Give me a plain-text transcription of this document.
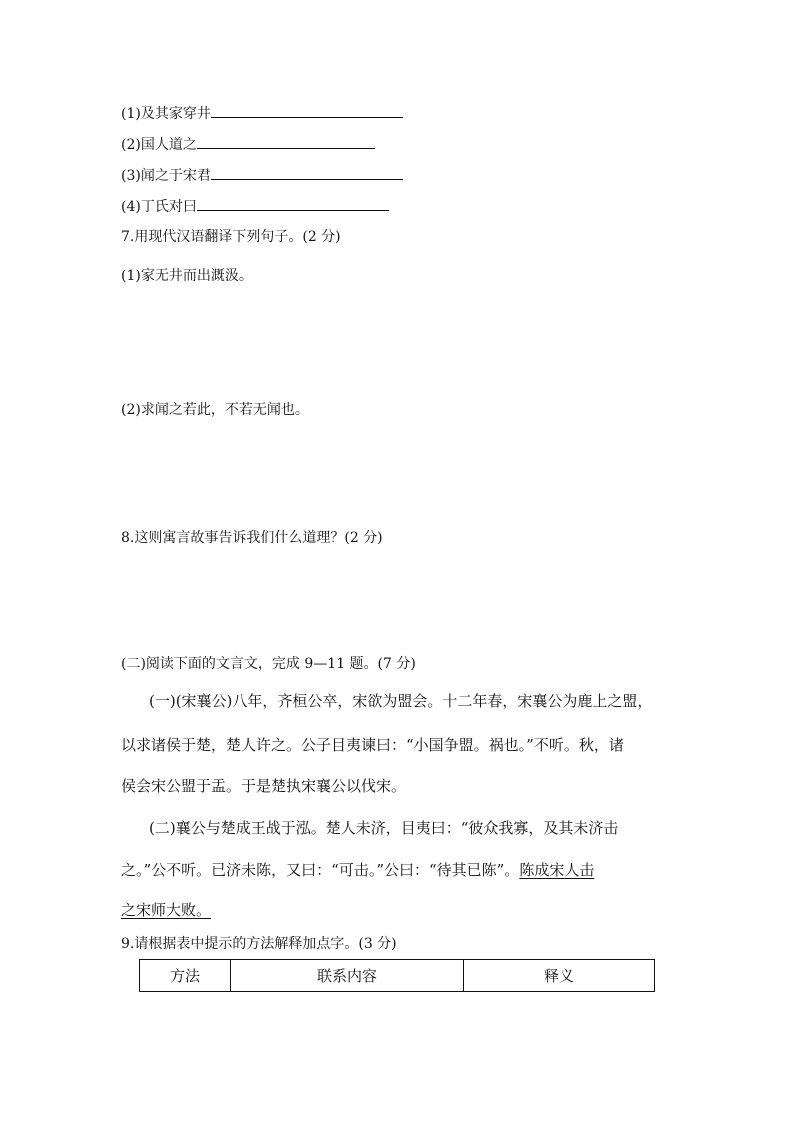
(1)及其家穿井
(2)国人道之
(3)闻之于宋君
(4)丁氏对曰
7.用现代汉语翻译下列句子。(2 分)
(1)家无井而出溉汲。
(2)求闻之若此，不若无闻也。
8.这则寓言故事告诉我们什么道理？(2 分)
(二)阅读下面的文言文，完成 9—11 题。(7 分)
(一)(宋襄公)八年，齐桓公卒，宋欲为盟会。十二年春，宋襄公为鹿上之盟，
以求诸侯于楚，楚人许之。公子目夷谏曰：“小国争盟。祸也。”不听。秋，诸
侯会宋公盟于盂。于是楚执宋襄公以伐宋。
(二)襄公与楚成王战于泓。楚人未济，目夷曰：“彼众我寡，及其未济击
之。”公不听。已济未陈，又曰：“可击。”公曰：“待其已陈”。陈成宋人击
之宋师大败。
9.请根据表中提示的方法解释加点字。(3 分)
方法	联系内容	释义
